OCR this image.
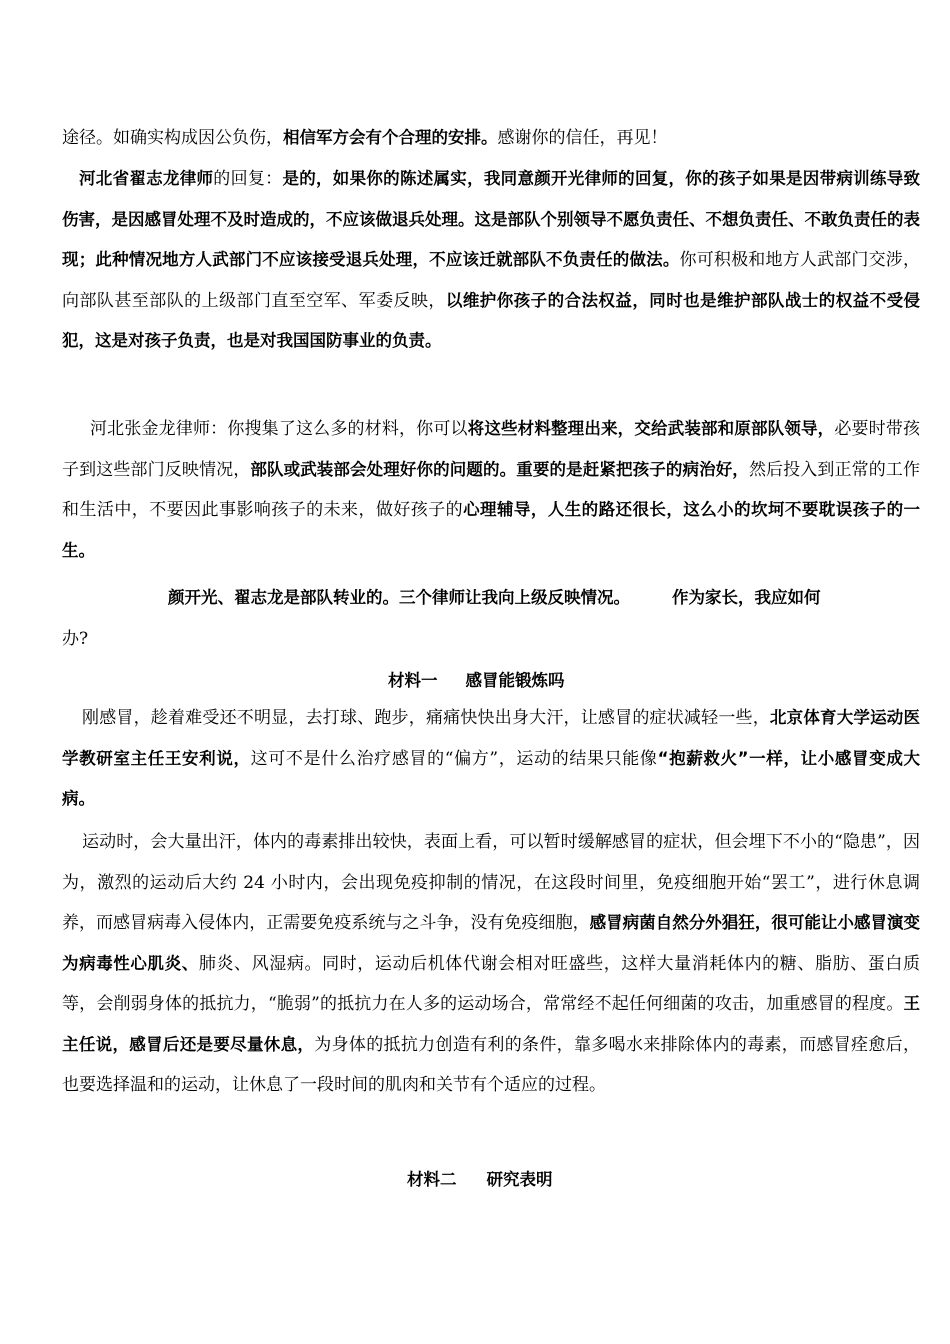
途径。如确实构成因公负伤，相信军方会有个合理的安排。感谢你的信任，再见！

河北省翟志龙律师的回复：是的，如果你的陈述属实，我同意颜开光律师的回复，你的孩子如果是因带病训练导致伤害，是因感冒处理不及时造成的，不应该做退兵处理。这是部队个别领导不愿负责任、不想负责任、不敢负责任的表现；此种情况地方人武部门不应该接受退兵处理，不应该迁就部队不负责任的做法。你可积极和地方人武部门交涉，向部队甚至部队的上级部门直至空军、军委反映，以维护你孩子的合法权益，同时也是维护部队战士的权益不受侵犯，这是对孩子负责，也是对我国国防事业的负责。

河北张金龙律师：你搜集了这么多的材料，你可以将这些材料整理出来，交给武装部和原部队领导，必要时带孩子到这些部门反映情况，部队或武装部会处理好你的问题的。重要的是赶紧把孩子的病治好，然后投入到正常的工作和生活中，不要因此事影响孩子的未来，做好孩子的心理辅导，人生的路还很长，这么小的坎坷不要耽误孩子的一生。

颜开光、翟志龙是部队转业的。三个律师让我向上级反映情况。	作为家长，我应如何
办?

材料一 感冒能锻炼吗

刚感冒，趁着难受还不明显，去打球、跑步，痛痛快快出身大汗，让感冒的症状减轻一些，北京体育大学运动医学教研室主任王安利说，这可不是什么治疗感冒的“偏方”，运动的结果只能像“抱薪救火”一样，让小感冒变成大病。

运动时，会大量出汗，体内的毒素排出较快，表面上看，可以暂时缓解感冒的症状，但会埋下不小的“隐患”，因为，激烈的运动后大约 24 小时内，会出现免疫抑制的情况，在这段时间里，免疫细胞开始“罢工”，进行休息调养，而感冒病毒入侵体内，正需要免疫系统与之斗争，没有免疫细胞，感冒病菌自然分外猖狂，很可能让小感冒演变为病毒性心肌炎、肺炎、风湿病。同时，运动后机体代谢会相对旺盛些，这样大量消耗体内的糖、脂肪、蛋白质等，会削弱身体的抵抗力，“脆弱”的抵抗力在人多的运动场合，常常经不起任何细菌的攻击，加重感冒的程度。王主任说，感冒后还是要尽量休息，为身体的抵抗力创造有利的条件，靠多喝水来排除体内的毒素，而感冒痊愈后，也要选择温和的运动，让休息了一段时间的肌肉和关节有个适应的过程。

材料二 研究表明
